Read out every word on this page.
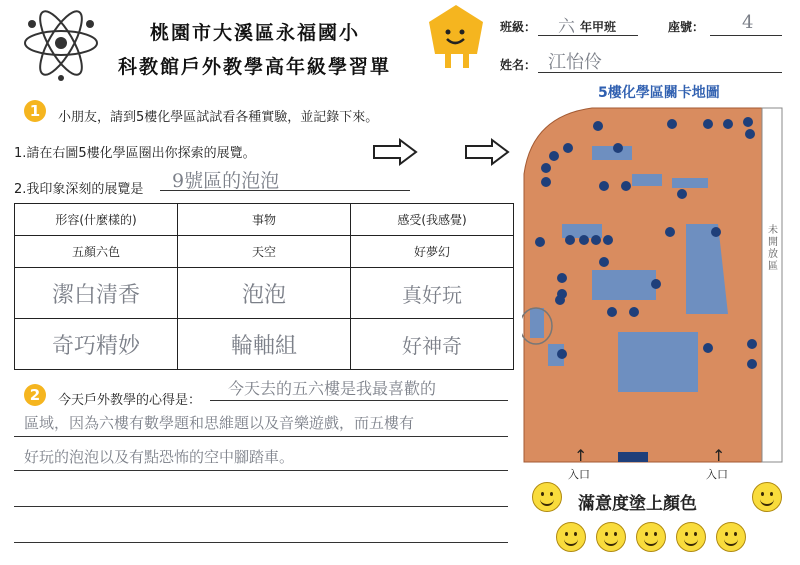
桃園市大溪區永福國小
科教館戶外教學高年級學習單
班級： 六 年甲班	座號： 4
姓名： 江怡伶
1	小朋友，請到5樓化學區試試看各種實驗，並記錄下來。
1.請在右圖5樓化學區圈出你探索的展覽。
2.我印象深刻的展覽是 9號區的泡泡
形容(什麼樣的)	事物	感受(我感覺)
五顏六色	天空	好夢幻
潔白清香	泡泡	真好玩
奇巧精妙	輪軸組	好神奇
2	今天戶外教學的心得是：
今天去的五六樓是我最喜歡的
區域，因為六樓有數學題和思維題以及音樂遊戲，而五樓有
好玩的泡泡以及有點恐怖的空中腳踏車。
5樓化學區關卡地圖
未開放區
入口	入口
↑	↑
滿意度塗上顏色
